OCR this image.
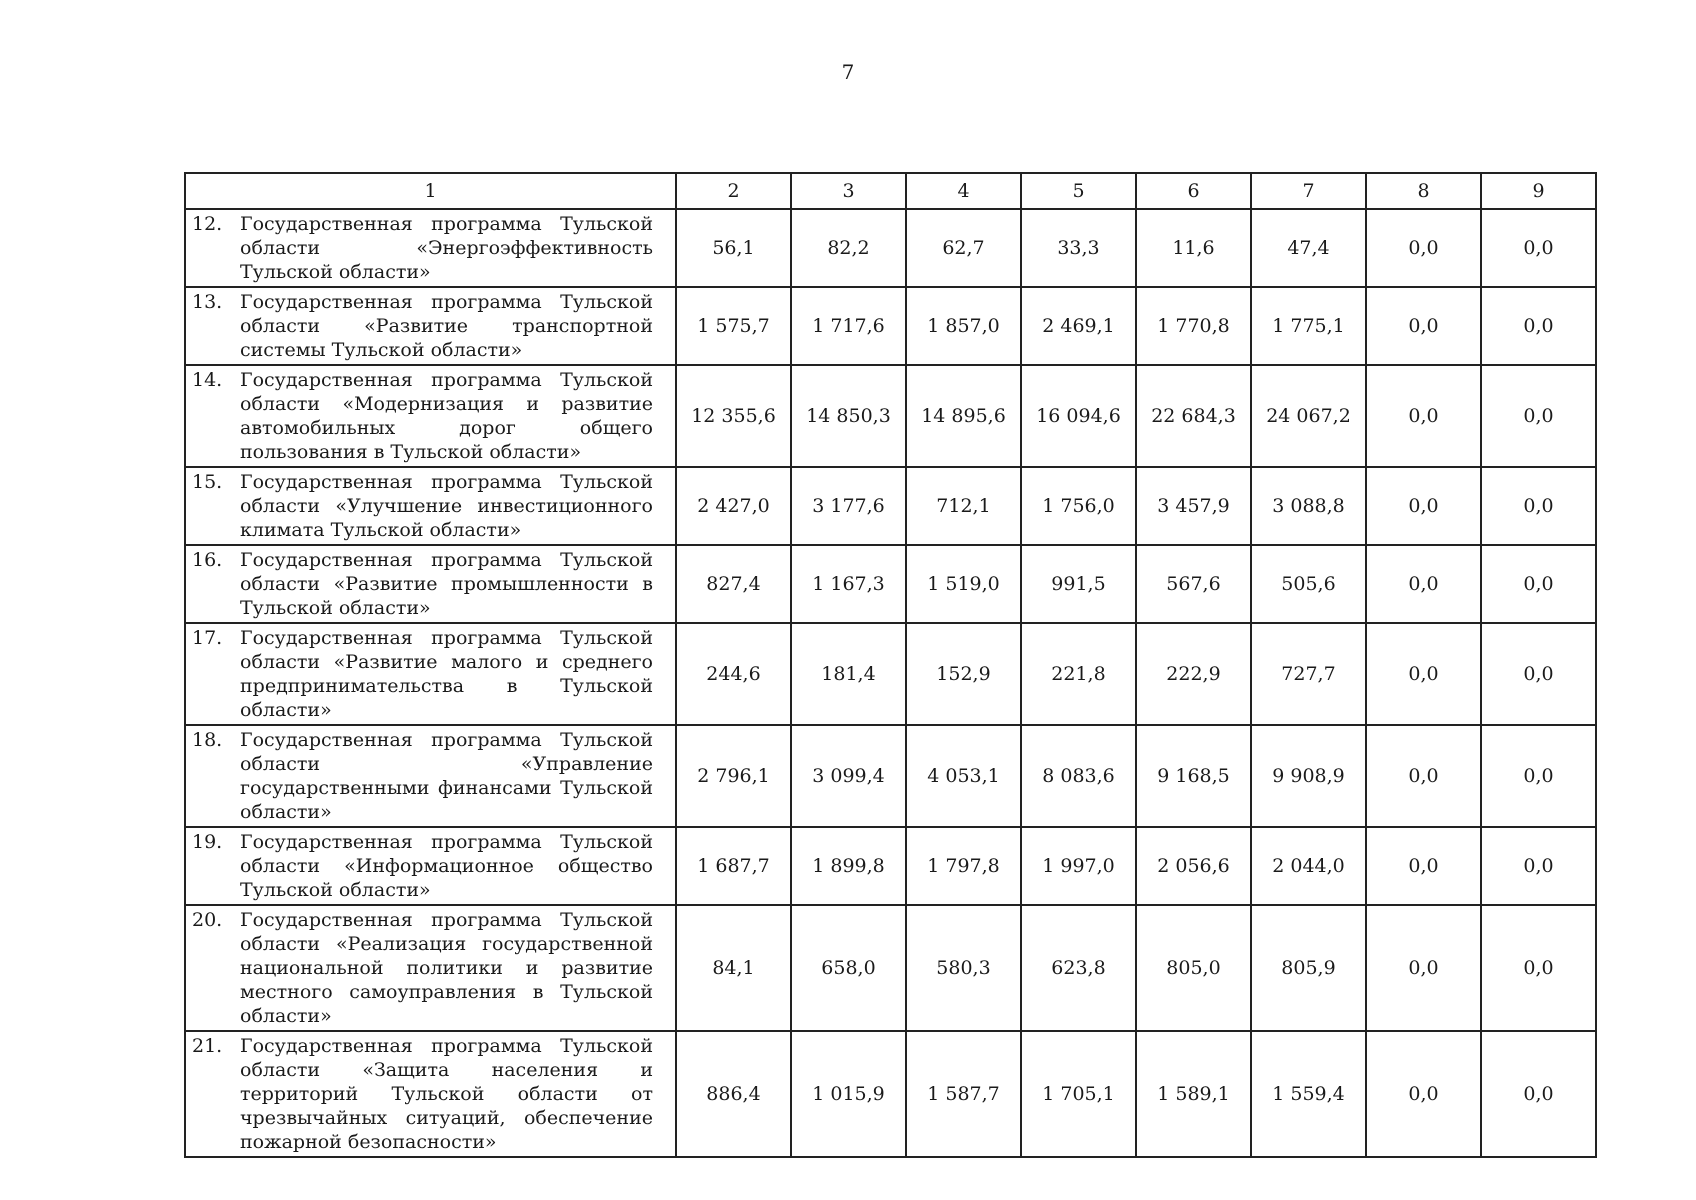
7
1	2	3	4	5	6	7	8	9

12. Государственная программа Тульской области «Энергоэффективность Тульской области»	56,1	82,2	62,7	33,3	11,6	47,4	0,0	0,0

13. Государственная программа Тульской области «Развитие транспортной системы Тульской области»	1 575,7	1 717,6	1 857,0	2 469,1	1 770,8	1 775,1	0,0	0,0

14. Государственная программа Тульской области «Модернизация и развитие автомобильных дорог общего пользования в Тульской области»	12 355,6	14 850,3	14 895,6	16 094,6	22 684,3	24 067,2	0,0	0,0

15. Государственная программа Тульской области «Улучшение инвестиционного климата Тульской области»	2 427,0	3 177,6	712,1	1 756,0	3 457,9	3 088,8	0,0	0,0

16. Государственная программа Тульской области «Развитие промышленности в Тульской области»	827,4	1 167,3	1 519,0	991,5	567,6	505,6	0,0	0,0

17. Государственная программа Тульской области «Развитие малого и среднего предпринимательства в Тульской области»	244,6	181,4	152,9	221,8	222,9	727,7	0,0	0,0

18. Государственная программа Тульской области «Управление государственными финансами Тульской области»	2 796,1	3 099,4	4 053,1	8 083,6	9 168,5	9 908,9	0,0	0,0

19. Государственная программа Тульской области «Информационное общество Тульской области»	1 687,7	1 899,8	1 797,8	1 997,0	2 056,6	2 044,0	0,0	0,0

20. Государственная программа Тульской области «Реализация государственной национальной политики и развитие местного самоуправления в Тульской области»	84,1	658,0	580,3	623,8	805,0	805,9	0,0	0,0

21. Государственная программа Тульской области «Защита населения и территорий Тульской области от чрезвычайных ситуаций, обеспечение пожарной безопасности»	886,4	1 015,9	1 587,7	1 705,1	1 589,1	1 559,4	0,0	0,0
